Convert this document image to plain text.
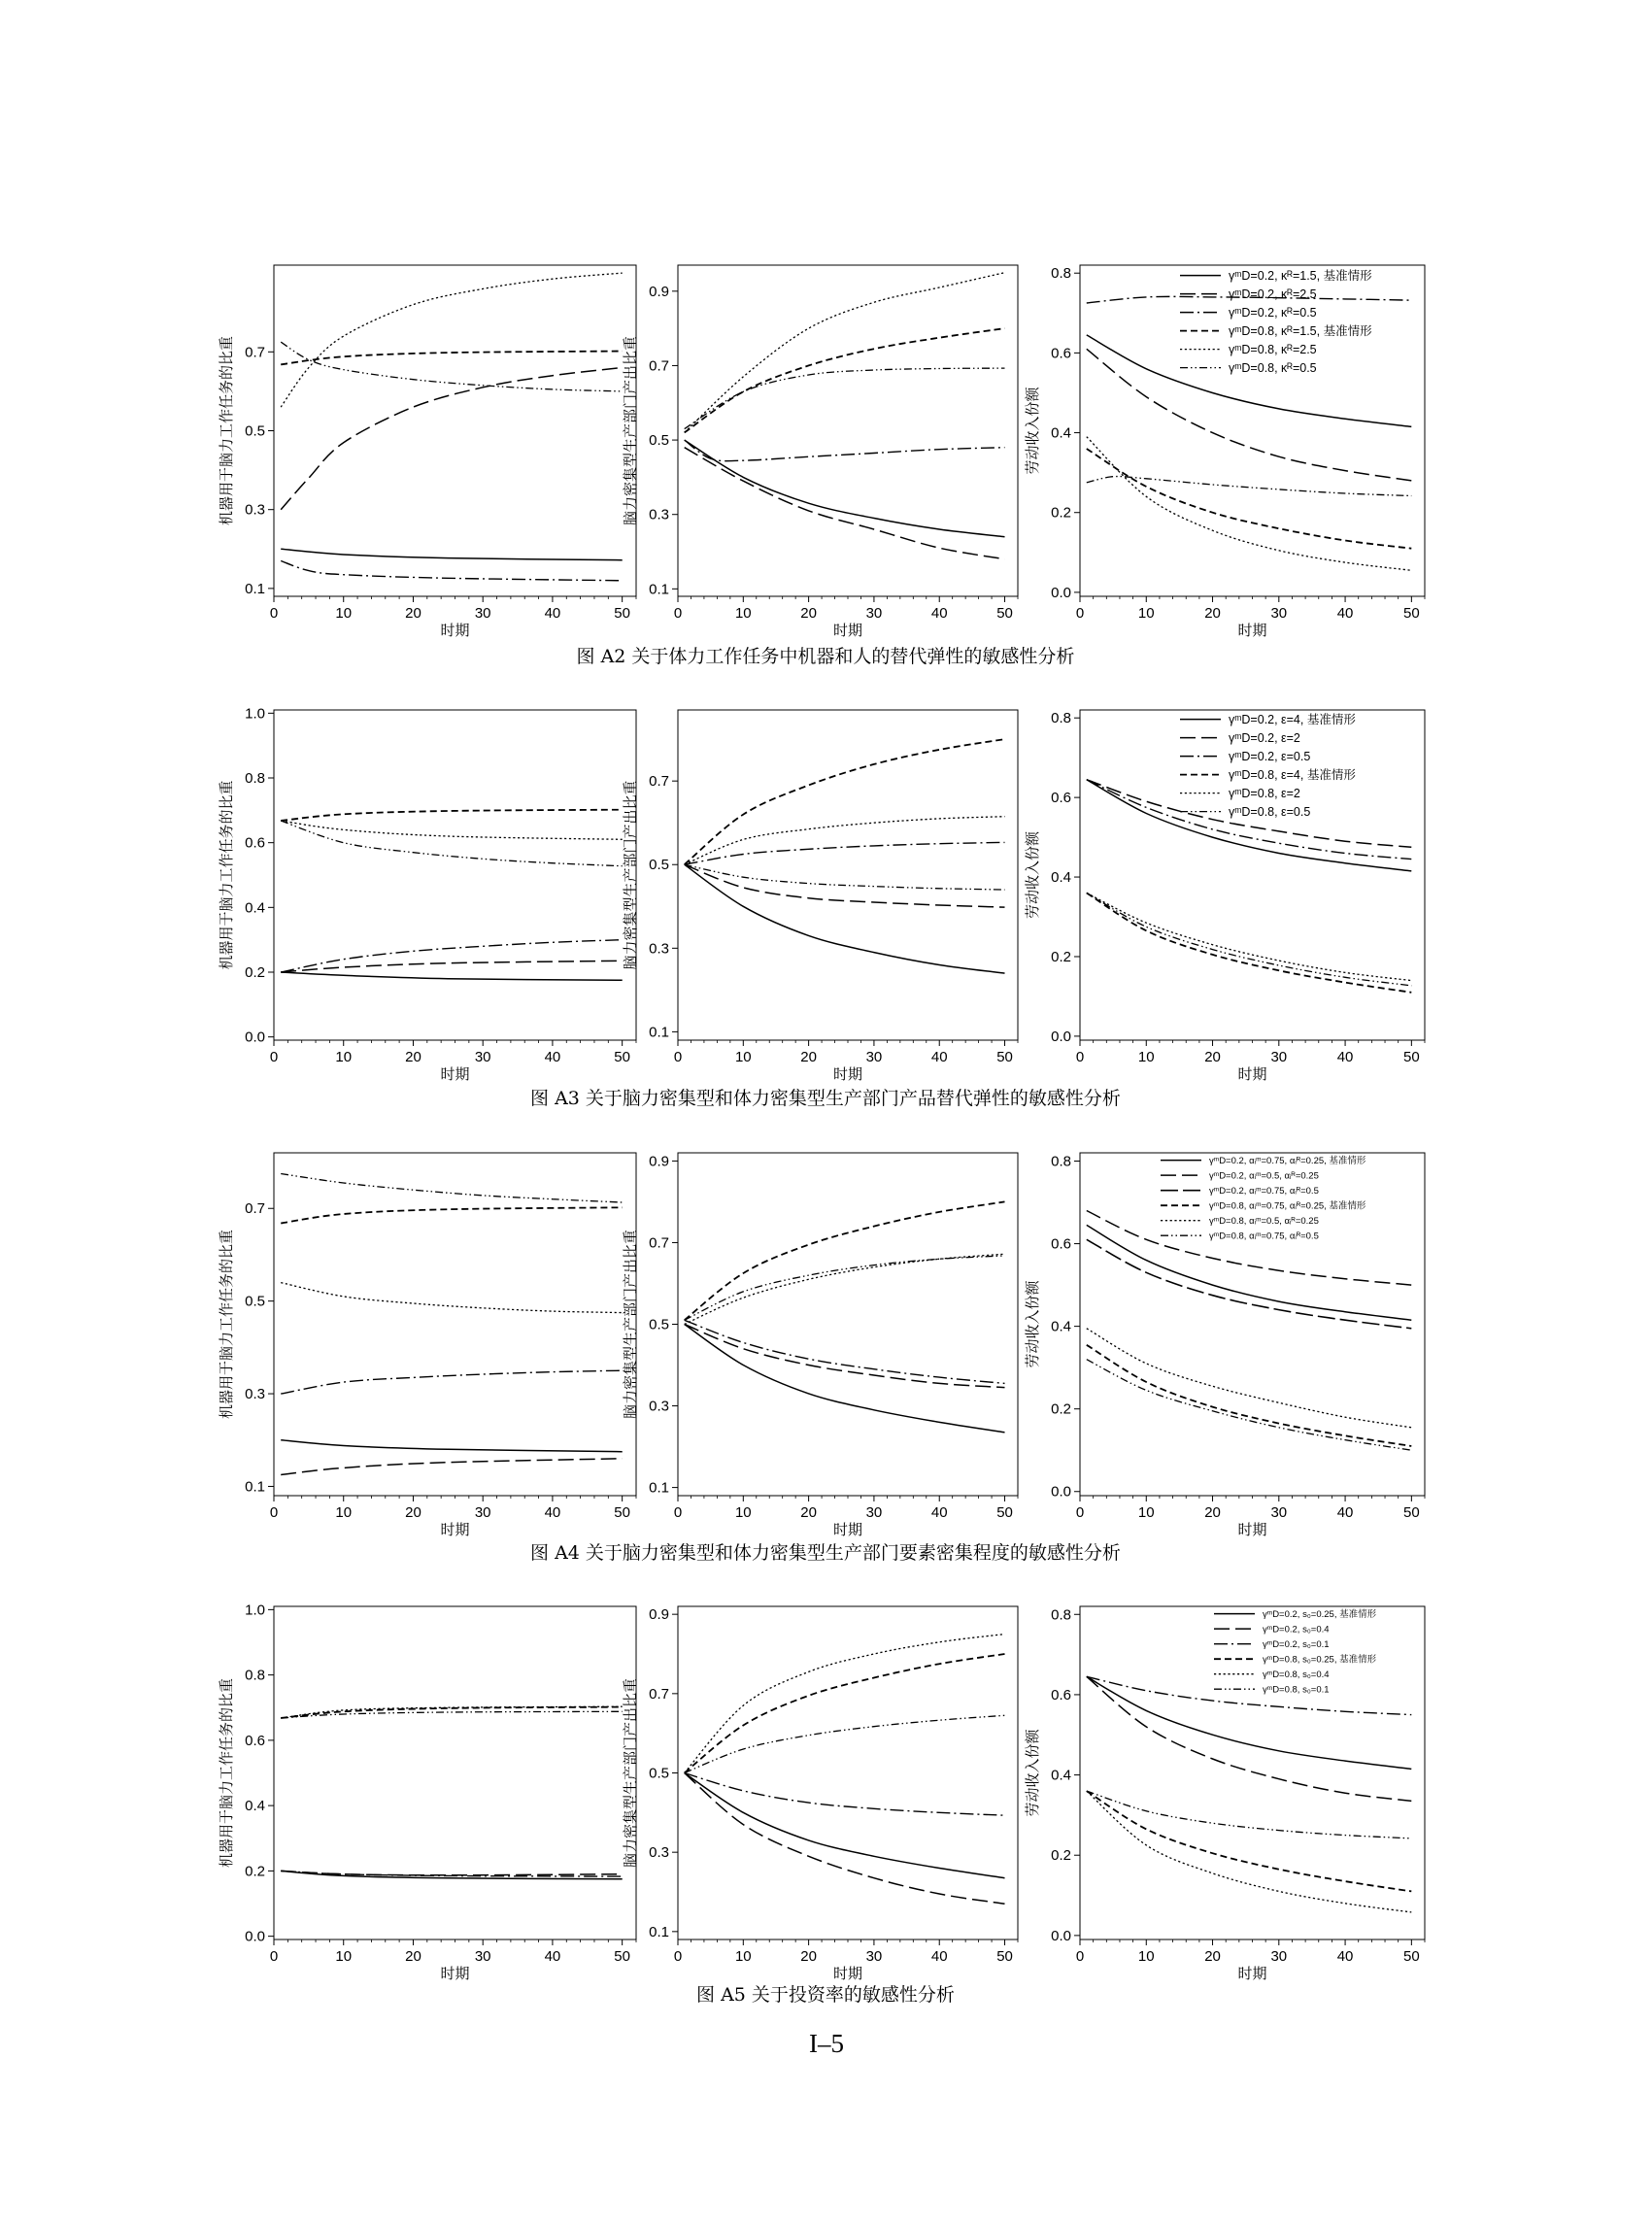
0	10	20	30	40	50
0.1
0.3
0.5
0.7
时期
机器用于脑力工作任务的比重
0	10	20	30	40	50
0.1
0.3
0.5
0.7
0.9
时期
脑力密集型生产部门产出比重
0	10	20	30	40	50
0.0
0.2
0.4
0.6
0.8
时期
劳动收入份额
γᵐD=0.2, κᴿ=1.5, 基准情形
γᵐD=0.2, κᴿ=2.5
γᵐD=0.2, κᴿ=0.5
γᵐD=0.8, κᴿ=1.5, 基准情形
γᵐD=0.8, κᴿ=2.5
γᵐD=0.8, κᴿ=0.5
0	10	20	30	40	50
0.0
0.2
0.4
0.6
0.8
1.0
时期
机器用于脑力工作任务的比重
0	10	20	30	40	50
0.1
0.3
0.5
0.7
时期
脑力密集型生产部门产出比重
0	10	20	30	40	50
0.0
0.2
0.4
0.6
0.8
时期
劳动收入份额
γᵐD=0.2, ε=4, 基准情形
γᵐD=0.2, ε=2
γᵐD=0.2, ε=0.5
γᵐD=0.8, ε=4, 基准情形
γᵐD=0.8, ε=2
γᵐD=0.8, ε=0.5
0	10	20	30	40	50
0.1
0.3
0.5
0.7
时期
机器用于脑力工作任务的比重
0	10	20	30	40	50
0.1
0.3
0.5
0.7
0.9
时期
脑力密集型生产部门产出比重
0	10	20	30	40	50
0.0
0.2
0.4
0.6
0.8
时期
劳动收入份额
γᵐD=0.2, αᵢᵐ=0.75, αᵢᴿ=0.25, 基准情形
γᵐD=0.2, αᵢᵐ=0.5, αᵢᴿ=0.25
γᵐD=0.2, αᵢᵐ=0.75, αᵢᴿ=0.5
γᵐD=0.8, αᵢᵐ=0.75, αᵢᴿ=0.25, 基准情形
γᵐD=0.8, αᵢᵐ=0.5, αᵢᴿ=0.25
γᵐD=0.8, αᵢᵐ=0.75, αᵢᴿ=0.5
0	10	20	30	40	50
0.0
0.2
0.4
0.6
0.8
1.0
时期
机器用于脑力工作任务的比重
0	10	20	30	40	50
0.1
0.3
0.5
0.7
0.9
时期
脑力密集型生产部门产出比重
0	10	20	30	40	50
0.0
0.2
0.4
0.6
0.8
时期
劳动收入份额
γᵐD=0.2, s₀=0.25, 基准情形
γᵐD=0.2, s₀=0.4
γᵐD=0.2, s₀=0.1
γᵐD=0.8, s₀=0.25, 基准情形
γᵐD=0.8, s₀=0.4
γᵐD=0.8, s₀=0.1
图 A2 关于体力工作任务中机器和人的替代弹性的敏感性分析
图 A3 关于脑力密集型和体力密集型生产部门产品替代弹性的敏感性分析
图 A4 关于脑力密集型和体力密集型生产部门要素密集程度的敏感性分析
图 A5 关于投资率的敏感性分析
I–5
